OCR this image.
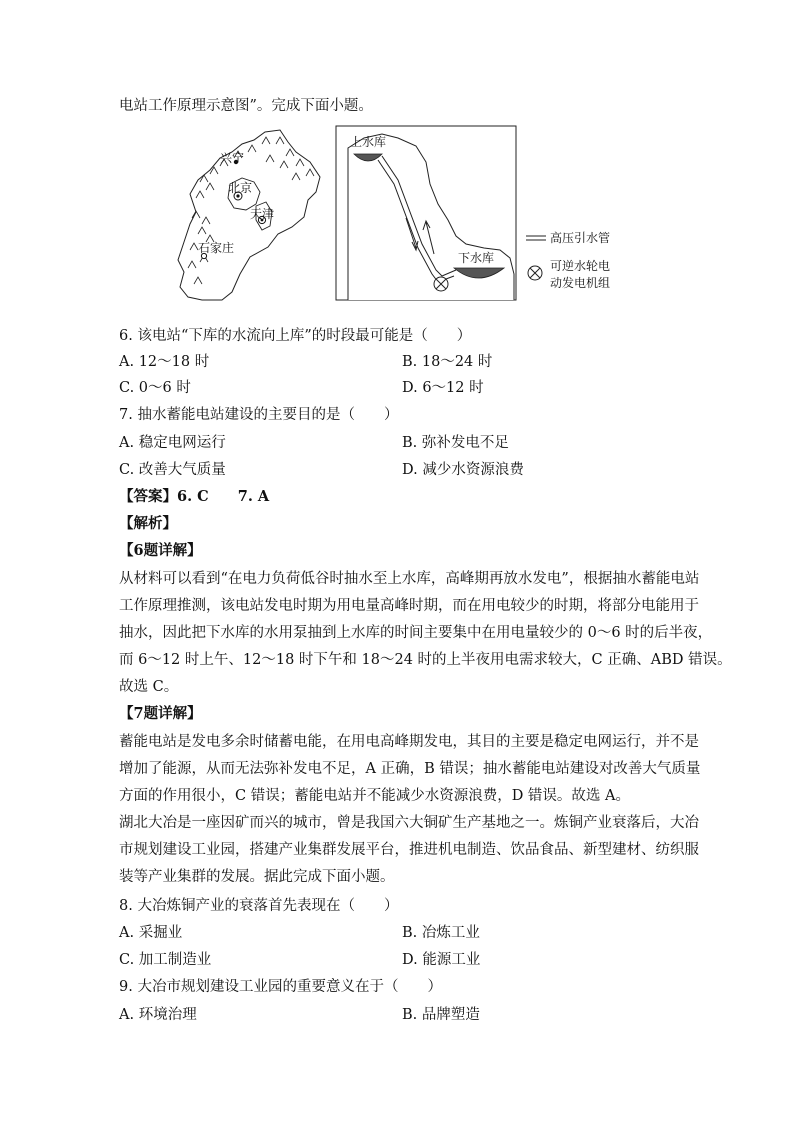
电站工作原理示意图”。完成下面小题。
兴宁
北京
天津
石家庄
上水库
下水库
高压引水管
可逆水轮电
动发电机组
6. 该电站“下库的水流向上库”的时段最可能是（　　）
A. 12～18 时	B. 18～24 时
C. 0～6 时	D. 6～12 时
7. 抽水蓄能电站建设的主要目的是（　　）
A. 稳定电网运行	B. 弥补发电不足
C. 改善大气质量	D. 减少水资源浪费
【答案】6. C　　7. A
【解析】
【6题详解】
从材料可以看到“在电力负荷低谷时抽水至上水库，高峰期再放水发电”，根据抽水蓄能电站
工作原理推测，该电站发电时期为用电量高峰时期，而在用电较少的时期，将部分电能用于
抽水，因此把下水库的水用泵抽到上水库的时间主要集中在用电量较少的 0～6 时的后半夜，
而 6～12 时上午、12～18 时下午和 18～24 时的上半夜用电需求较大，C 正确、ABD 错误。
故选 C。
【7题详解】
蓄能电站是发电多余时储蓄电能，在用电高峰期发电，其目的主要是稳定电网运行，并不是
增加了能源，从而无法弥补发电不足，A 正确，B 错误；抽水蓄能电站建设对改善大气质量
方面的作用很小，C 错误；蓄能电站并不能减少水资源浪费，D 错误。故选 A。
湖北大冶是一座因矿而兴的城市，曾是我国六大铜矿生产基地之一。炼铜产业衰落后，大冶
市规划建设工业园，搭建产业集群发展平台，推进机电制造、饮品食品、新型建材、纺织服
装等产业集群的发展。据此完成下面小题。
8. 大冶炼铜产业的衰落首先表现在（　　）
A. 采掘业	B. 冶炼工业
C. 加工制造业	D. 能源工业
9. 大冶市规划建设工业园的重要意义在于（　　）
A. 环境治理	B. 品牌塑造
